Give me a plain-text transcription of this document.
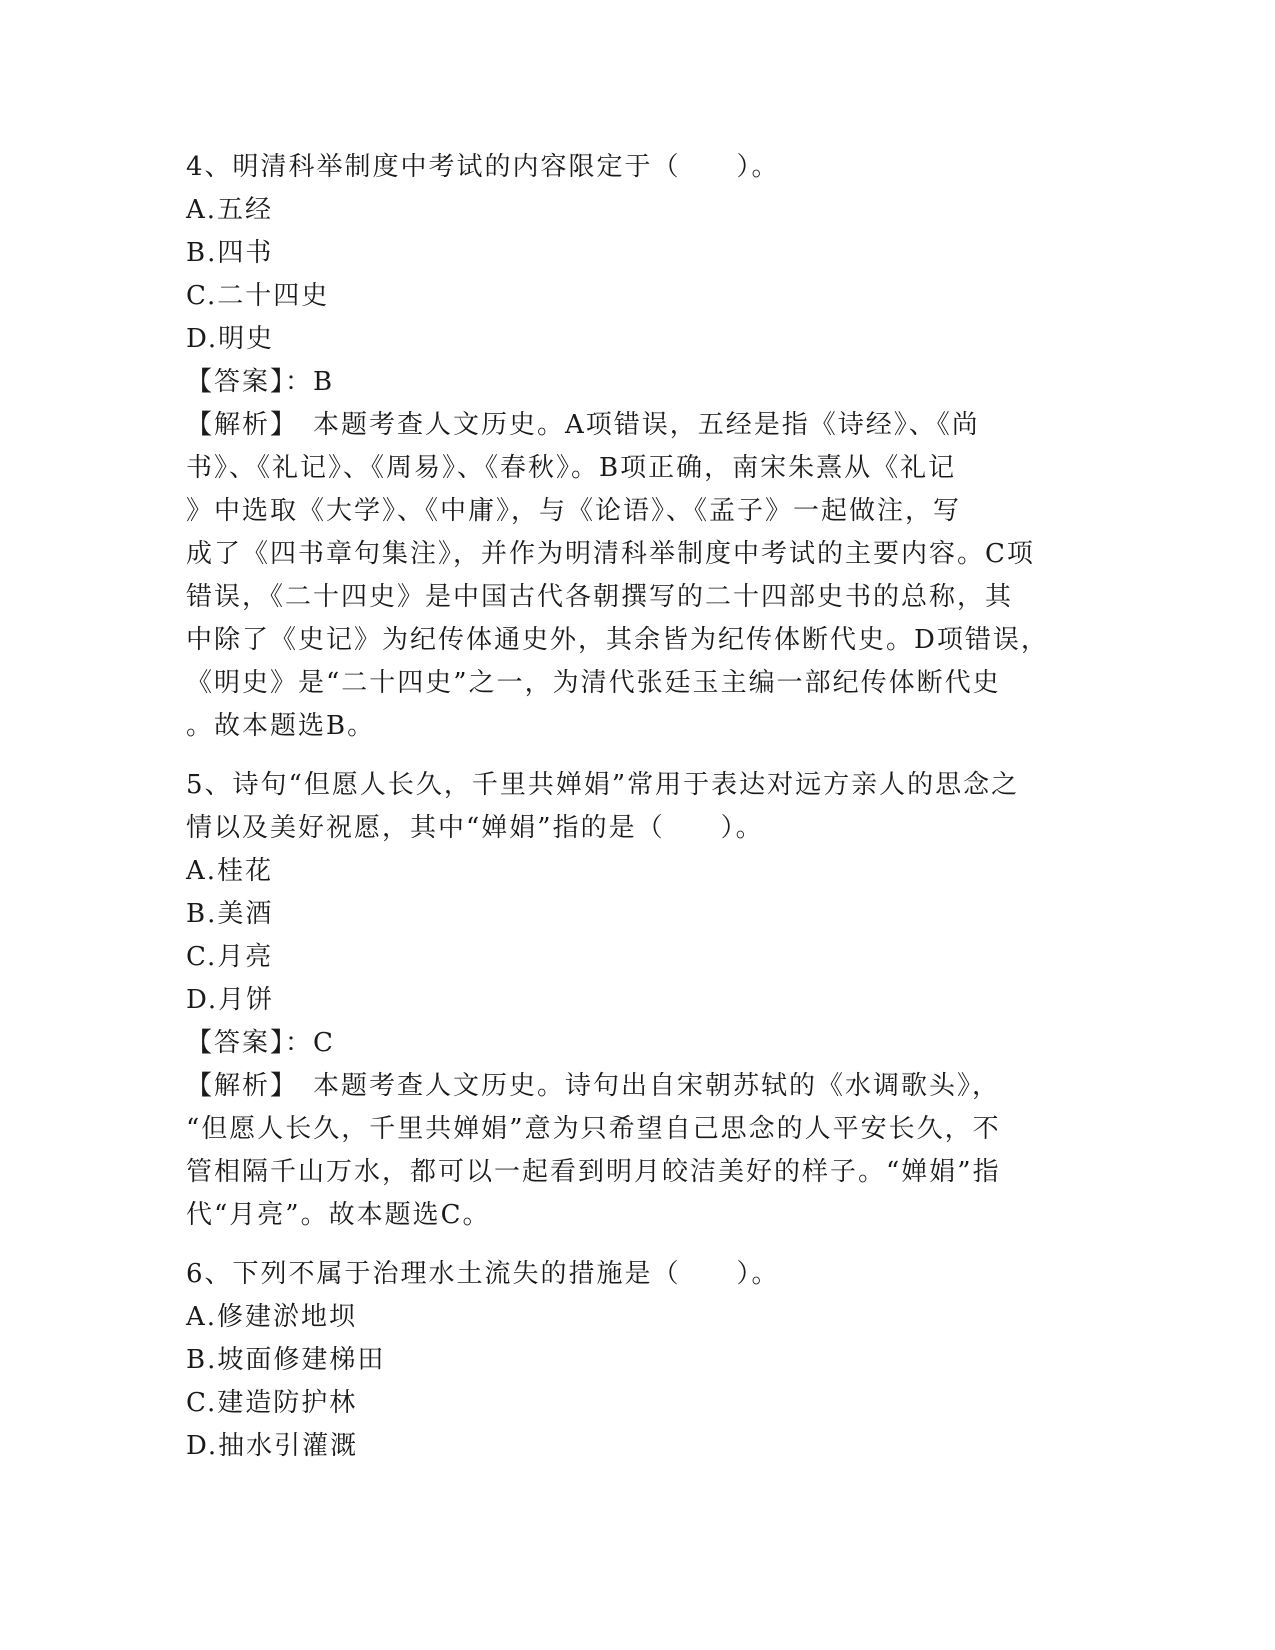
4、明清科举制度中考试的内容限定于（　　）。
A.五经
B.四书
C.二十四史
D.明史
【答案】：B
【解析】　本题考查人文历史。A项错误，五经是指《诗经》、《尚
书》、《礼记》、《周易》、《春秋》。B项正确，南宋朱熹从《礼记
》中选取《大学》、《中庸》，与《论语》、《孟子》一起做注，写
成了《四书章句集注》，并作为明清科举制度中考试的主要内容。C项
错误，《二十四史》是中国古代各朝撰写的二十四部史书的总称，其
中除了《史记》为纪传体通史外，其余皆为纪传体断代史。D项错误，
《明史》是“二十四史”之一，为清代张廷玉主编一部纪传体断代史
。故本题选B。
5、诗句“但愿人长久，千里共婵娟”常用于表达对远方亲人的思念之
情以及美好祝愿，其中“婵娟”指的是（　　）。
A.桂花
B.美酒
C.月亮
D.月饼
【答案】：C
【解析】　本题考查人文历史。诗句出自宋朝苏轼的《水调歌头》，
“但愿人长久，千里共婵娟”意为只希望自己思念的人平安长久，不
管相隔千山万水，都可以一起看到明月皎洁美好的样子。“婵娟”指
代“月亮”。故本题选C。
6、下列不属于治理水土流失的措施是（　　）。
A.修建淤地坝
B.坡面修建梯田
C.建造防护林
D.抽水引灌溉
